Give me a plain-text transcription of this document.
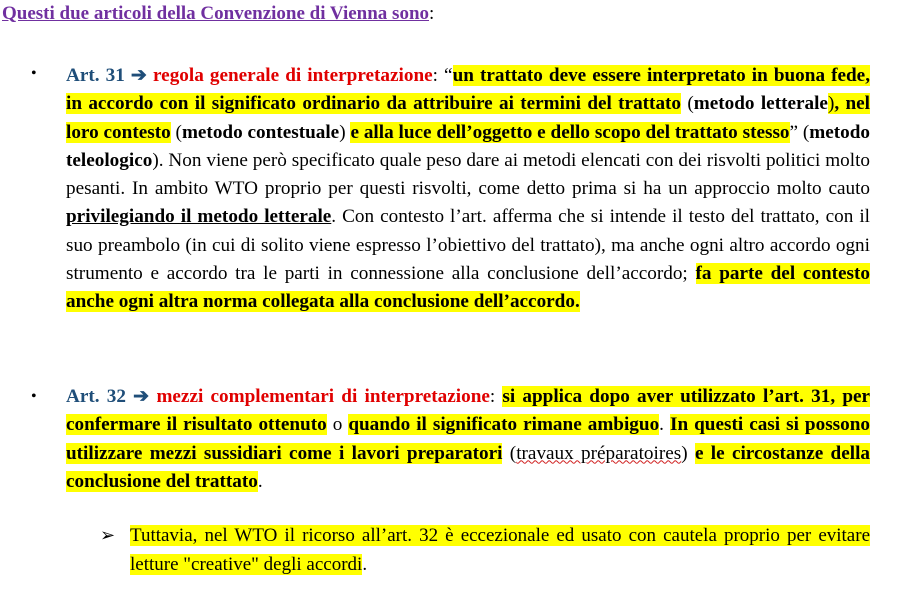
Questi due articoli della Convenzione di Vienna sono:
• Art. 31 ➔ regola generale di interpretazione: “un trattato deve essere interpretato in buona fede, in accordo con il significato ordinario da attribuire ai termini del trattato (metodo letterale), nel loro contesto (metodo contestuale) e alla luce dell’oggetto e dello scopo del trattato stesso” (metodo teleologico). Non viene però specificato quale peso dare ai metodi elencati con dei risvolti politici molto pesanti. In ambito WTO proprio per questi risvolti, come detto prima si ha un approccio molto cauto privilegiando il metodo letterale. Con contesto l’art. afferma che si intende il testo del trattato, con il suo preambolo (in cui di solito viene espresso l’obiettivo del trattato), ma anche ogni altro accordo ogni strumento e accordo tra le parti in connessione alla conclusione dell’accordo; fa parte del contesto anche ogni altra norma collegata alla conclusione dell’accordo.
• Art. 32 ➔ mezzi complementari di interpretazione: si applica dopo aver utilizzato l’art. 31, per confermare il risultato ottenuto o quando il significato rimane ambiguo. In questi casi si possono utilizzare mezzi sussidiari come i lavori preparatori (travaux préparatoires) e le circostanze della conclusione del trattato.
➢ Tuttavia, nel WTO il ricorso all’art. 32 è eccezionale ed usato con cautela proprio per evitare letture "creative" degli accordi.
